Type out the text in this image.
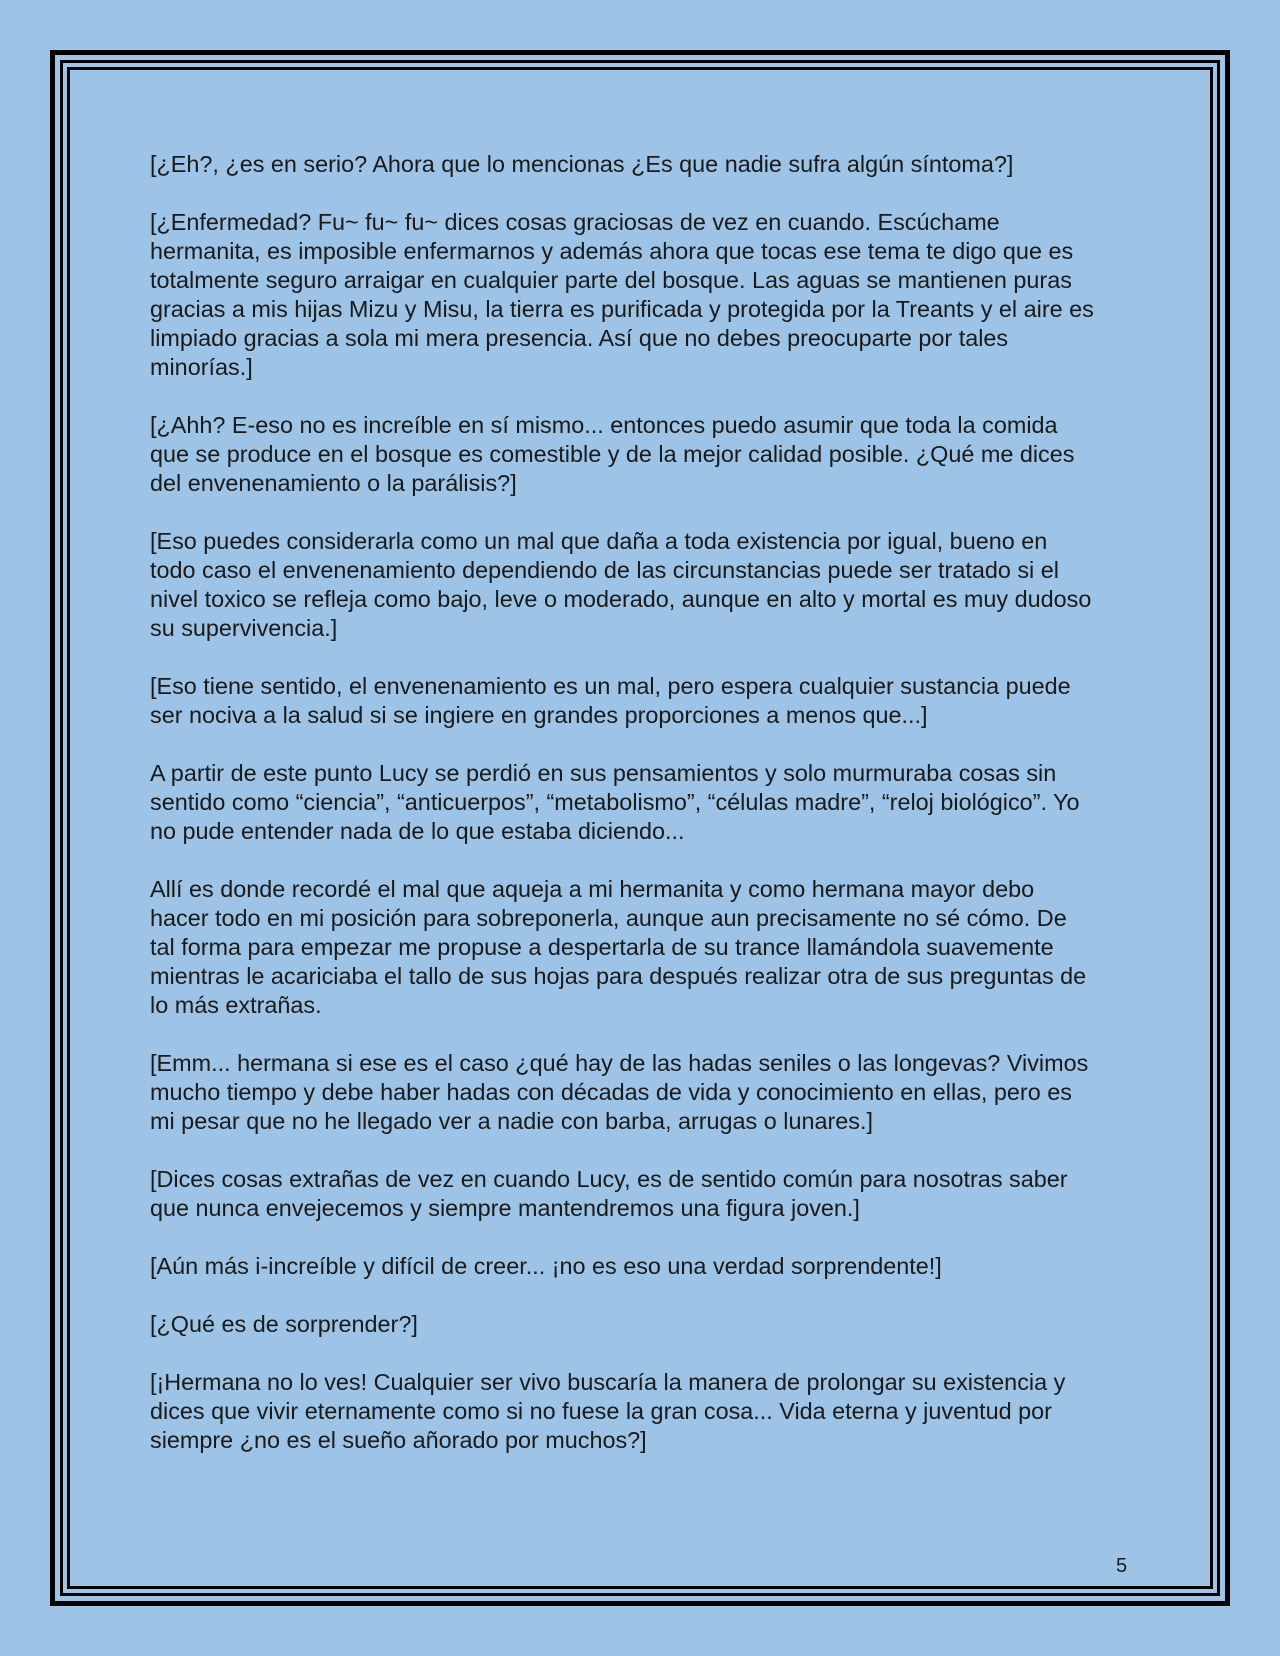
[¿Eh?, ¿es en serio? Ahora que lo mencionas ¿Es que nadie sufra algún síntoma?]

[¿Enfermedad? Fu~ fu~ fu~ dices cosas graciosas de vez en cuando. Escúchame hermanita, es imposible enfermarnos y además ahora que tocas ese tema te digo que es totalmente seguro arraigar en cualquier parte del bosque. Las aguas se mantienen puras gracias a mis hijas Mizu y Misu, la tierra es purificada y protegida por la Treants y el aire es limpiado gracias a sola mi mera presencia. Así que no debes preocuparte por tales minorías.]

[¿Ahh? E-eso no es increíble en sí mismo... entonces puedo asumir que toda la comida que se produce en el bosque es comestible y de la mejor calidad posible. ¿Qué me dices del envenenamiento o la parálisis?]

[Eso puedes considerarla como un mal que daña a toda existencia por igual, bueno en todo caso el envenenamiento dependiendo de las circunstancias puede ser tratado si el nivel toxico se refleja como bajo, leve o moderado, aunque en alto y mortal es muy dudoso su supervivencia.]

[Eso tiene sentido, el envenenamiento es un mal, pero espera cualquier sustancia puede ser nociva a la salud si se ingiere en grandes proporciones a menos que...]

A partir de este punto Lucy se perdió en sus pensamientos y solo murmuraba cosas sin sentido como “ciencia”, “anticuerpos”, “metabolismo”, “células madre”, “reloj biológico”. Yo no pude entender nada de lo que estaba diciendo...

Allí es donde recordé el mal que aqueja a mi hermanita y como hermana mayor debo hacer todo en mi posición para sobreponerla, aunque aun precisamente no sé cómo. De tal forma para empezar me propuse a despertarla de su trance llamándola suavemente mientras le acariciaba el tallo de sus hojas para después realizar otra de sus preguntas de lo más extrañas.

[Emm... hermana si ese es el caso ¿qué hay de las hadas seniles o las longevas? Vivimos mucho tiempo y debe haber hadas con décadas de vida y conocimiento en ellas, pero es mi pesar que no he llegado ver a nadie con barba, arrugas o lunares.]

[Dices cosas extrañas de vez en cuando Lucy, es de sentido común para nosotras saber que nunca envejecemos y siempre mantendremos una figura joven.]

[Aún más i-increíble y difícil de creer... ¡no es eso una verdad sorprendente!]

[¿Qué es de sorprender?]

[¡Hermana no lo ves! Cualquier ser vivo buscaría la manera de prolongar su existencia y dices que vivir eternamente como si no fuese la gran cosa... Vida eterna y juventud por siempre ¿no es el sueño añorado por muchos?]

5
